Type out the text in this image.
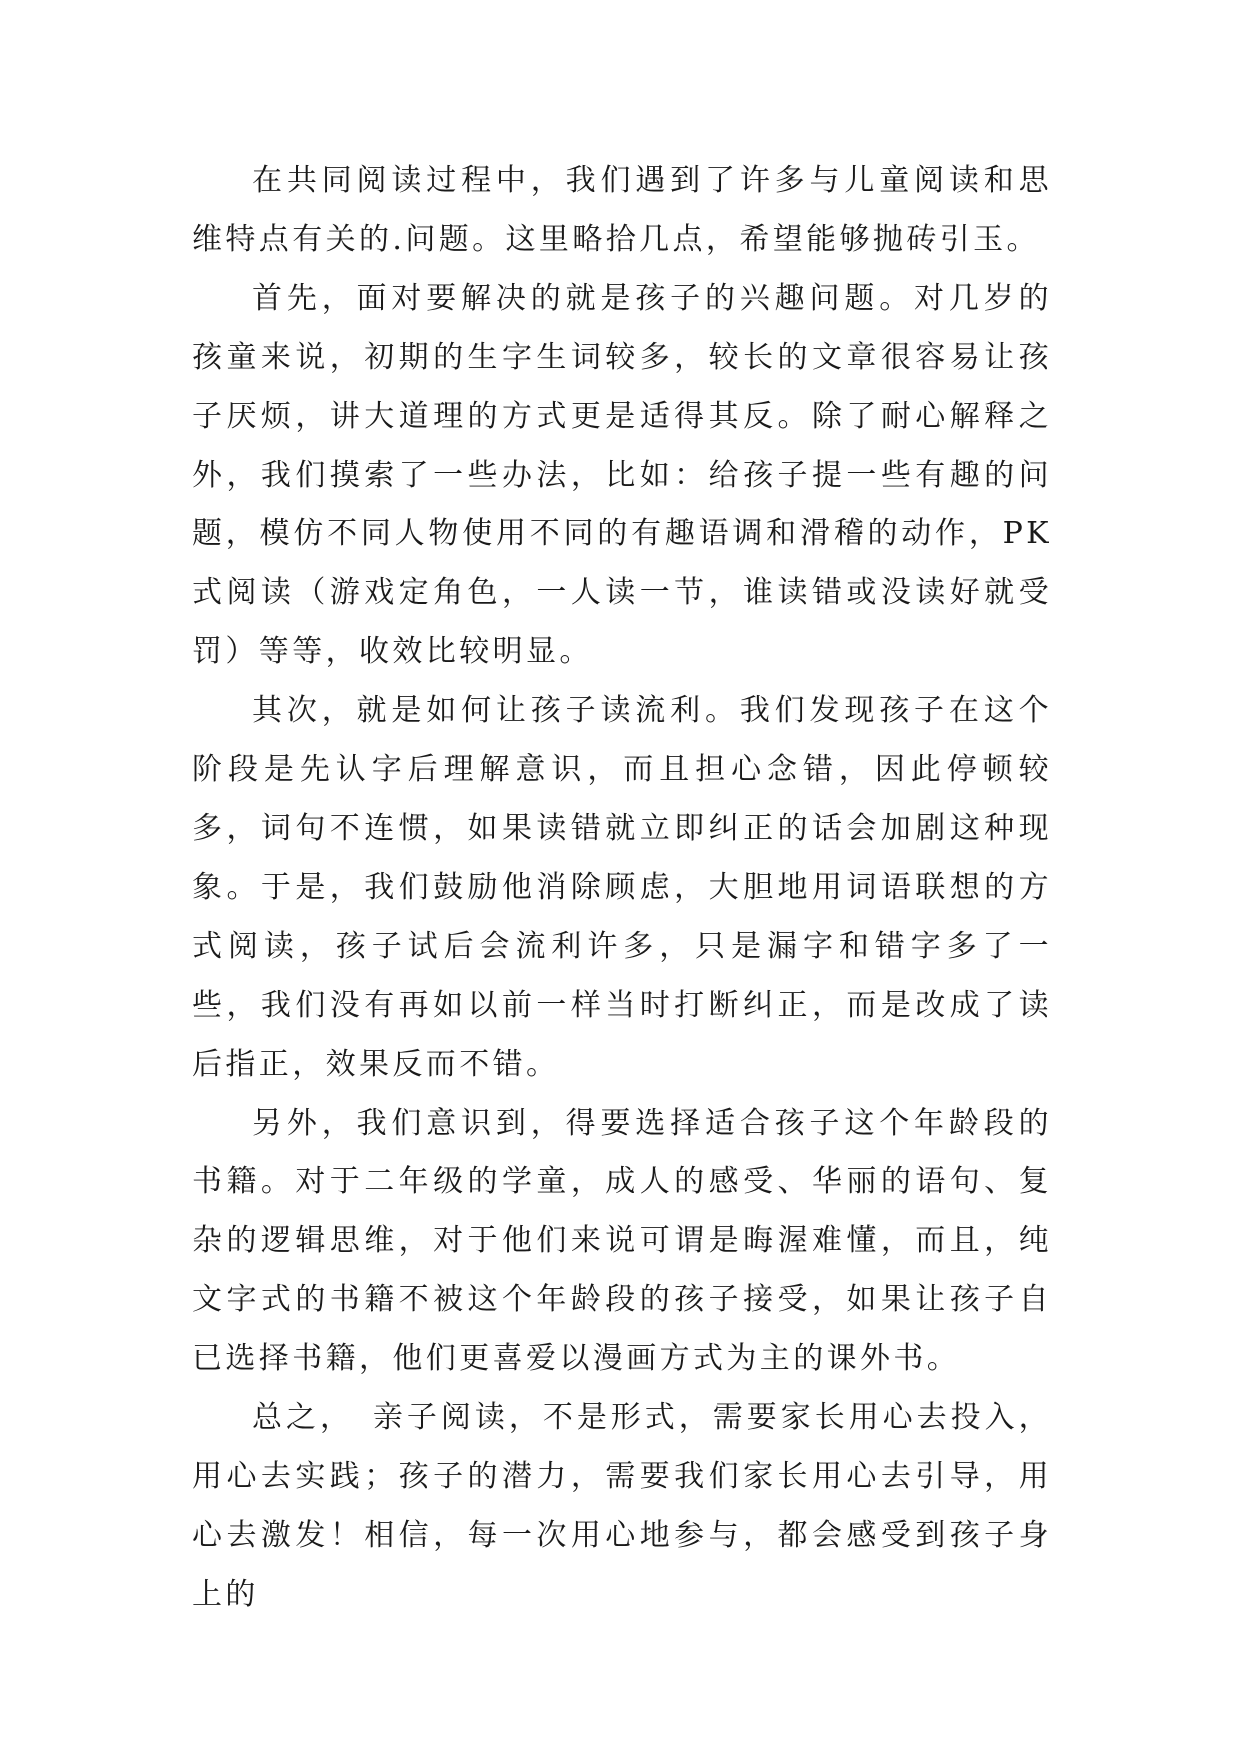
在共同阅读过程中，我们遇到了许多与儿童阅读和思维特点有关的.问题。这里略拾几点，希望能够抛砖引玉。

首先，面对要解决的就是孩子的兴趣问题。对几岁的孩童来说，初期的生字生词较多，较长的文章很容易让孩子厌烦，讲大道理的方式更是适得其反。除了耐心解释之外，我们摸索了一些办法，比如：给孩子提一些有趣的问题，模仿不同人物使用不同的有趣语调和滑稽的动作，PK式阅读（游戏定角色，一人读一节，谁读错或没读好就受罚）等等，收效比较明显。

其次，就是如何让孩子读流利。我们发现孩子在这个阶段是先认字后理解意识，而且担心念错，因此停顿较多，词句不连惯，如果读错就立即纠正的话会加剧这种现象。于是，我们鼓励他消除顾虑，大胆地用词语联想的方式阅读，孩子试后会流利许多，只是漏字和错字多了一些，我们没有再如以前一样当时打断纠正，而是改成了读后指正，效果反而不错。

另外，我们意识到，得要选择适合孩子这个年龄段的书籍。对于二年级的学童，成人的感受、华丽的语句、复杂的逻辑思维，对于他们来说可谓是晦渥难懂，而且，纯文字式的书籍不被这个年龄段的孩子接受，如果让孩子自已选择书籍，他们更喜爱以漫画方式为主的课外书。

总之，　亲子阅读，不是形式，需要家长用心去投入，用心去实践；孩子的潜力，需要我们家长用心去引导，用心去激发！相信，每一次用心地参与，都会感受到孩子身上的
